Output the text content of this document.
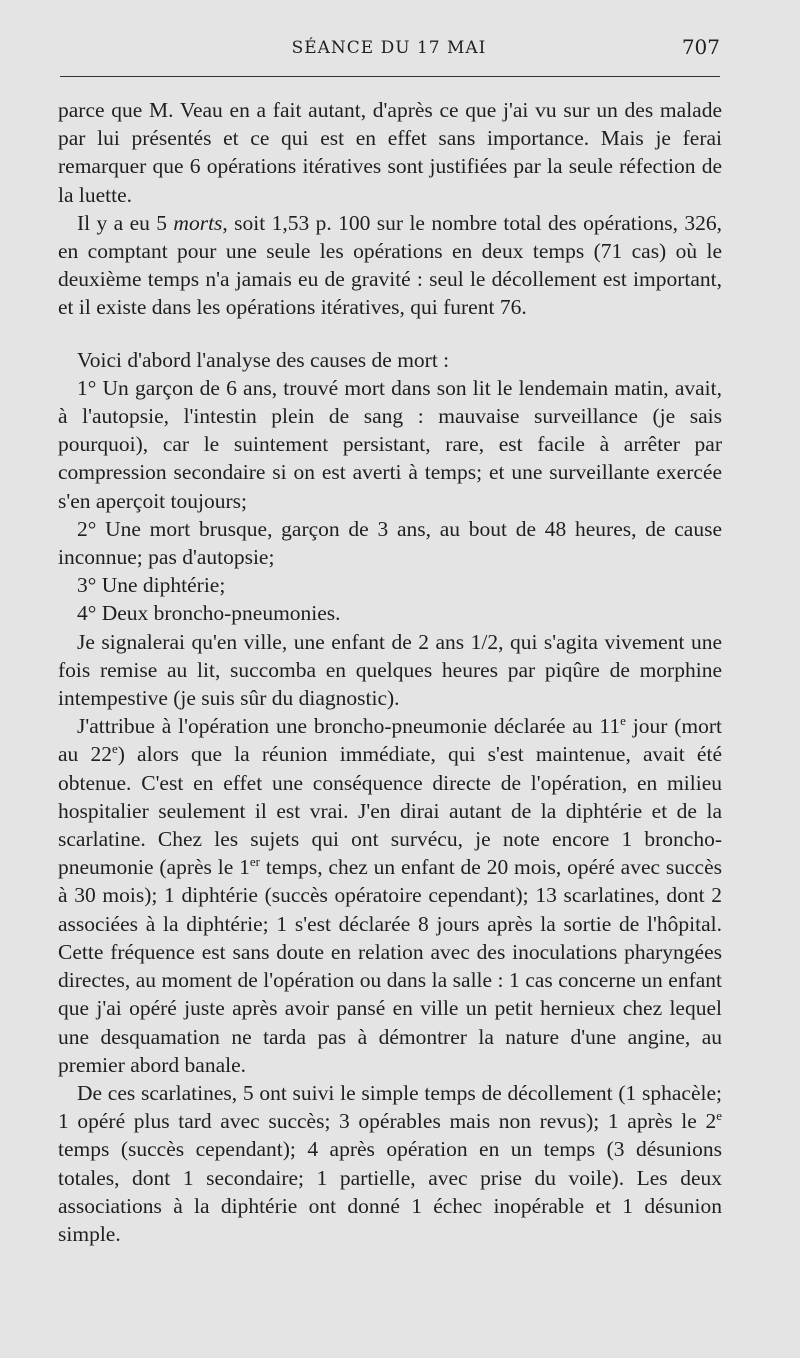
SÉANCE DU 17 MAI	707

parce que M. Veau en a fait autant, d'après ce que j'ai vu sur un des malade par lui présentés et ce qui est en effet sans importance. Mais je ferai remarquer que 6 opérations itératives sont justifiées par la seule réfection de la luette.

Il y a eu 5 morts, soit 1,53 p. 100 sur le nombre total des opérations, 326, en comptant pour une seule les opérations en deux temps (71 cas) où le deuxième temps n'a jamais eu de gravité : seul le décollement est important, et il existe dans les opérations itératives, qui furent 76.

Voici d'abord l'analyse des causes de mort :

1° Un garçon de 6 ans, trouvé mort dans son lit le lendemain matin, avait, à l'autopsie, l'intestin plein de sang : mauvaise surveillance (je sais pourquoi), car le suintement persistant, rare, est facile à arrêter par compression secondaire si on est averti à temps; et une surveillante exercée s'en aperçoit toujours;

2° Une mort brusque, garçon de 3 ans, au bout de 48 heures, de cause inconnue; pas d'autopsie;

3° Une diphtérie;

4° Deux broncho-pneumonies.

Je signalerai qu'en ville, une enfant de 2 ans 1/2, qui s'agita vivement une fois remise au lit, succomba en quelques heures par piqûre de morphine intempestive (je suis sûr du diagnostic).

J'attribue à l'opération une broncho-pneumonie déclarée au 11e jour (mort au 22e) alors que la réunion immédiate, qui s'est maintenue, avait été obtenue. C'est en effet une conséquence directe de l'opération, en milieu hospitalier seulement il est vrai. J'en dirai autant de la diphtérie et de la scarlatine. Chez les sujets qui ont survécu, je note encore 1 broncho-pneumonie (après le 1er temps, chez un enfant de 20 mois, opéré avec succès à 30 mois); 1 diphtérie (succès opératoire cependant); 13 scarlatines, dont 2 associées à la diphtérie; 1 s'est déclarée 8 jours après la sortie de l'hôpital. Cette fréquence est sans doute en relation avec des inoculations pharyngées directes, au moment de l'opération ou dans la salle : 1 cas concerne un enfant que j'ai opéré juste après avoir pansé en ville un petit hernieux chez lequel une desquamation ne tarda pas à démontrer la nature d'une angine, au premier abord banale.

De ces scarlatines, 5 ont suivi le simple temps de décollement (1 sphacèle; 1 opéré plus tard avec succès; 3 opérables mais non revus); 1 après le 2e temps (succès cependant); 4 après opération en un temps (3 désunions totales, dont 1 secondaire; 1 partielle, avec prise du voile). Les deux associations à la diphtérie ont donné 1 échec inopérable et 1 désunion simple.
